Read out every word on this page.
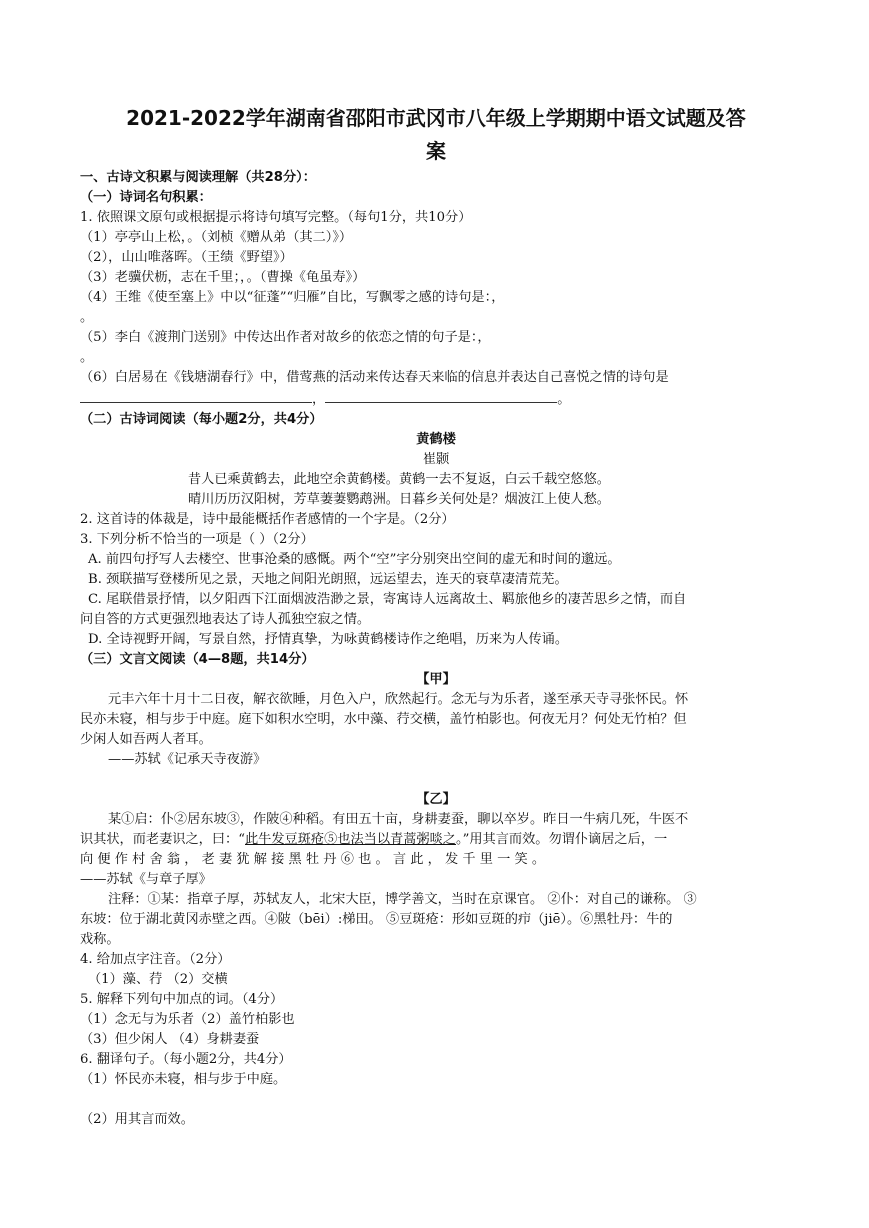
2021-2022学年湖南省邵阳市武冈市八年级上学期期中语文试题及答
案
一、古诗文积累与阅读理解（共28分）：
（一）诗词名句积累：
1. 依照课文原句或根据提示将诗句填写完整。（每句1分，共10分）
（1）亭亭山上松，。（刘桢《赠从弟（其二）》）
（2），山山唯落晖。（王绩《野望》）
（3）老骥伏枥，志在千里；，。（曹操《龟虽寿》）
（4）王维《使至塞上》中以“征蓬”“归雁”自比，写飘零之感的诗句是：，
。
（5）李白《渡荆门送别》中传达出作者对故乡的依恋之情的句子是：，
。
（6）白居易在《钱塘湖春行》中，借莺燕的活动来传达春天来临的信息并表达自己喜悦之情的诗句是
，	。
（二）古诗词阅读（每小题2分，共4分）
黄鹤楼
崔颢
昔人已乘黄鹤去，此地空余黄鹤楼。黄鹤一去不复返，白云千载空悠悠。
晴川历历汉阳树，芳草萋萋鹦鹉洲。日暮乡关何处是？烟波江上使人愁。
2. 这首诗的体裁是，诗中最能概括作者感情的一个字是。（2分）
3. 下列分析不恰当的一项是（ ）（2分）
A. 前四句抒写人去楼空、世事沧桑的感慨。两个“空”字分别突出空间的虚无和时间的邈远。
B. 颈联描写登楼所见之景，天地之间阳光朗照，远运望去，连天的衰草凄清荒芜。
C. 尾联借景抒情，以夕阳西下江面烟波浩渺之景，寄寓诗人远离故土、羁旅他乡的凄苦思乡之情，而自
问自答的方式更强烈地表达了诗人孤独空寂之情。
D. 全诗视野开阔，写景自然，抒情真挚，为咏黄鹤楼诗作之绝唱，历来为人传诵。
（三）文言文阅读（4—8题，共14分）
【甲】
元丰六年十月十二日夜，解衣欲睡，月色入户，欣然起行。念无与为乐者，遂至承天寺寻张怀民。怀
民亦未寝，相与步于中庭。庭下如积水空明，水中藻、荇交横，盖竹柏影也。何夜无月？何处无竹柏？但
少闲人如吾两人者耳。
——苏轼《记承天寺夜游》
【乙】
某①启：仆②居东坡③，作陂④种稻。有田五十亩，身耕妻蚕，聊以卒岁。昨日一牛病几死，牛医不
识其状，而老妻识之，曰：“此牛发豆斑疮⑤也法当以青蒿粥啖之。”用其言而效。勿谓仆谪居之后，一
向 便 作 村 舍 翁 ， 老 妻 犹 解 接 黑 牡 丹 ⑥ 也 。 言 此 ， 发 千 里 一 笑 。
——苏轼《与章子厚》
注释：①某：指章子厚，苏轼友人，北宋大臣，博学善文，当时在京课官。 ②仆：对自己的谦称。 ③
东坡：位于湖北黄冈赤壁之西。④陂（bēi）:梯田。 ⑤豆斑疮：形如豆斑的疖（jiē）。⑥黑牡丹：牛的
戏称。
4. 给加点字注音。（2分）
（1）藻、荇 （2）交横
5. 解释下列句中加点的词。（4分）
（1）念无与为乐者（2）盖竹柏影也
（3）但少闲人 （4）身耕妻蚕
6. 翻译句子。（每小题2分，共4分）
（1）怀民亦未寝，相与步于中庭。
（2）用其言而效。
